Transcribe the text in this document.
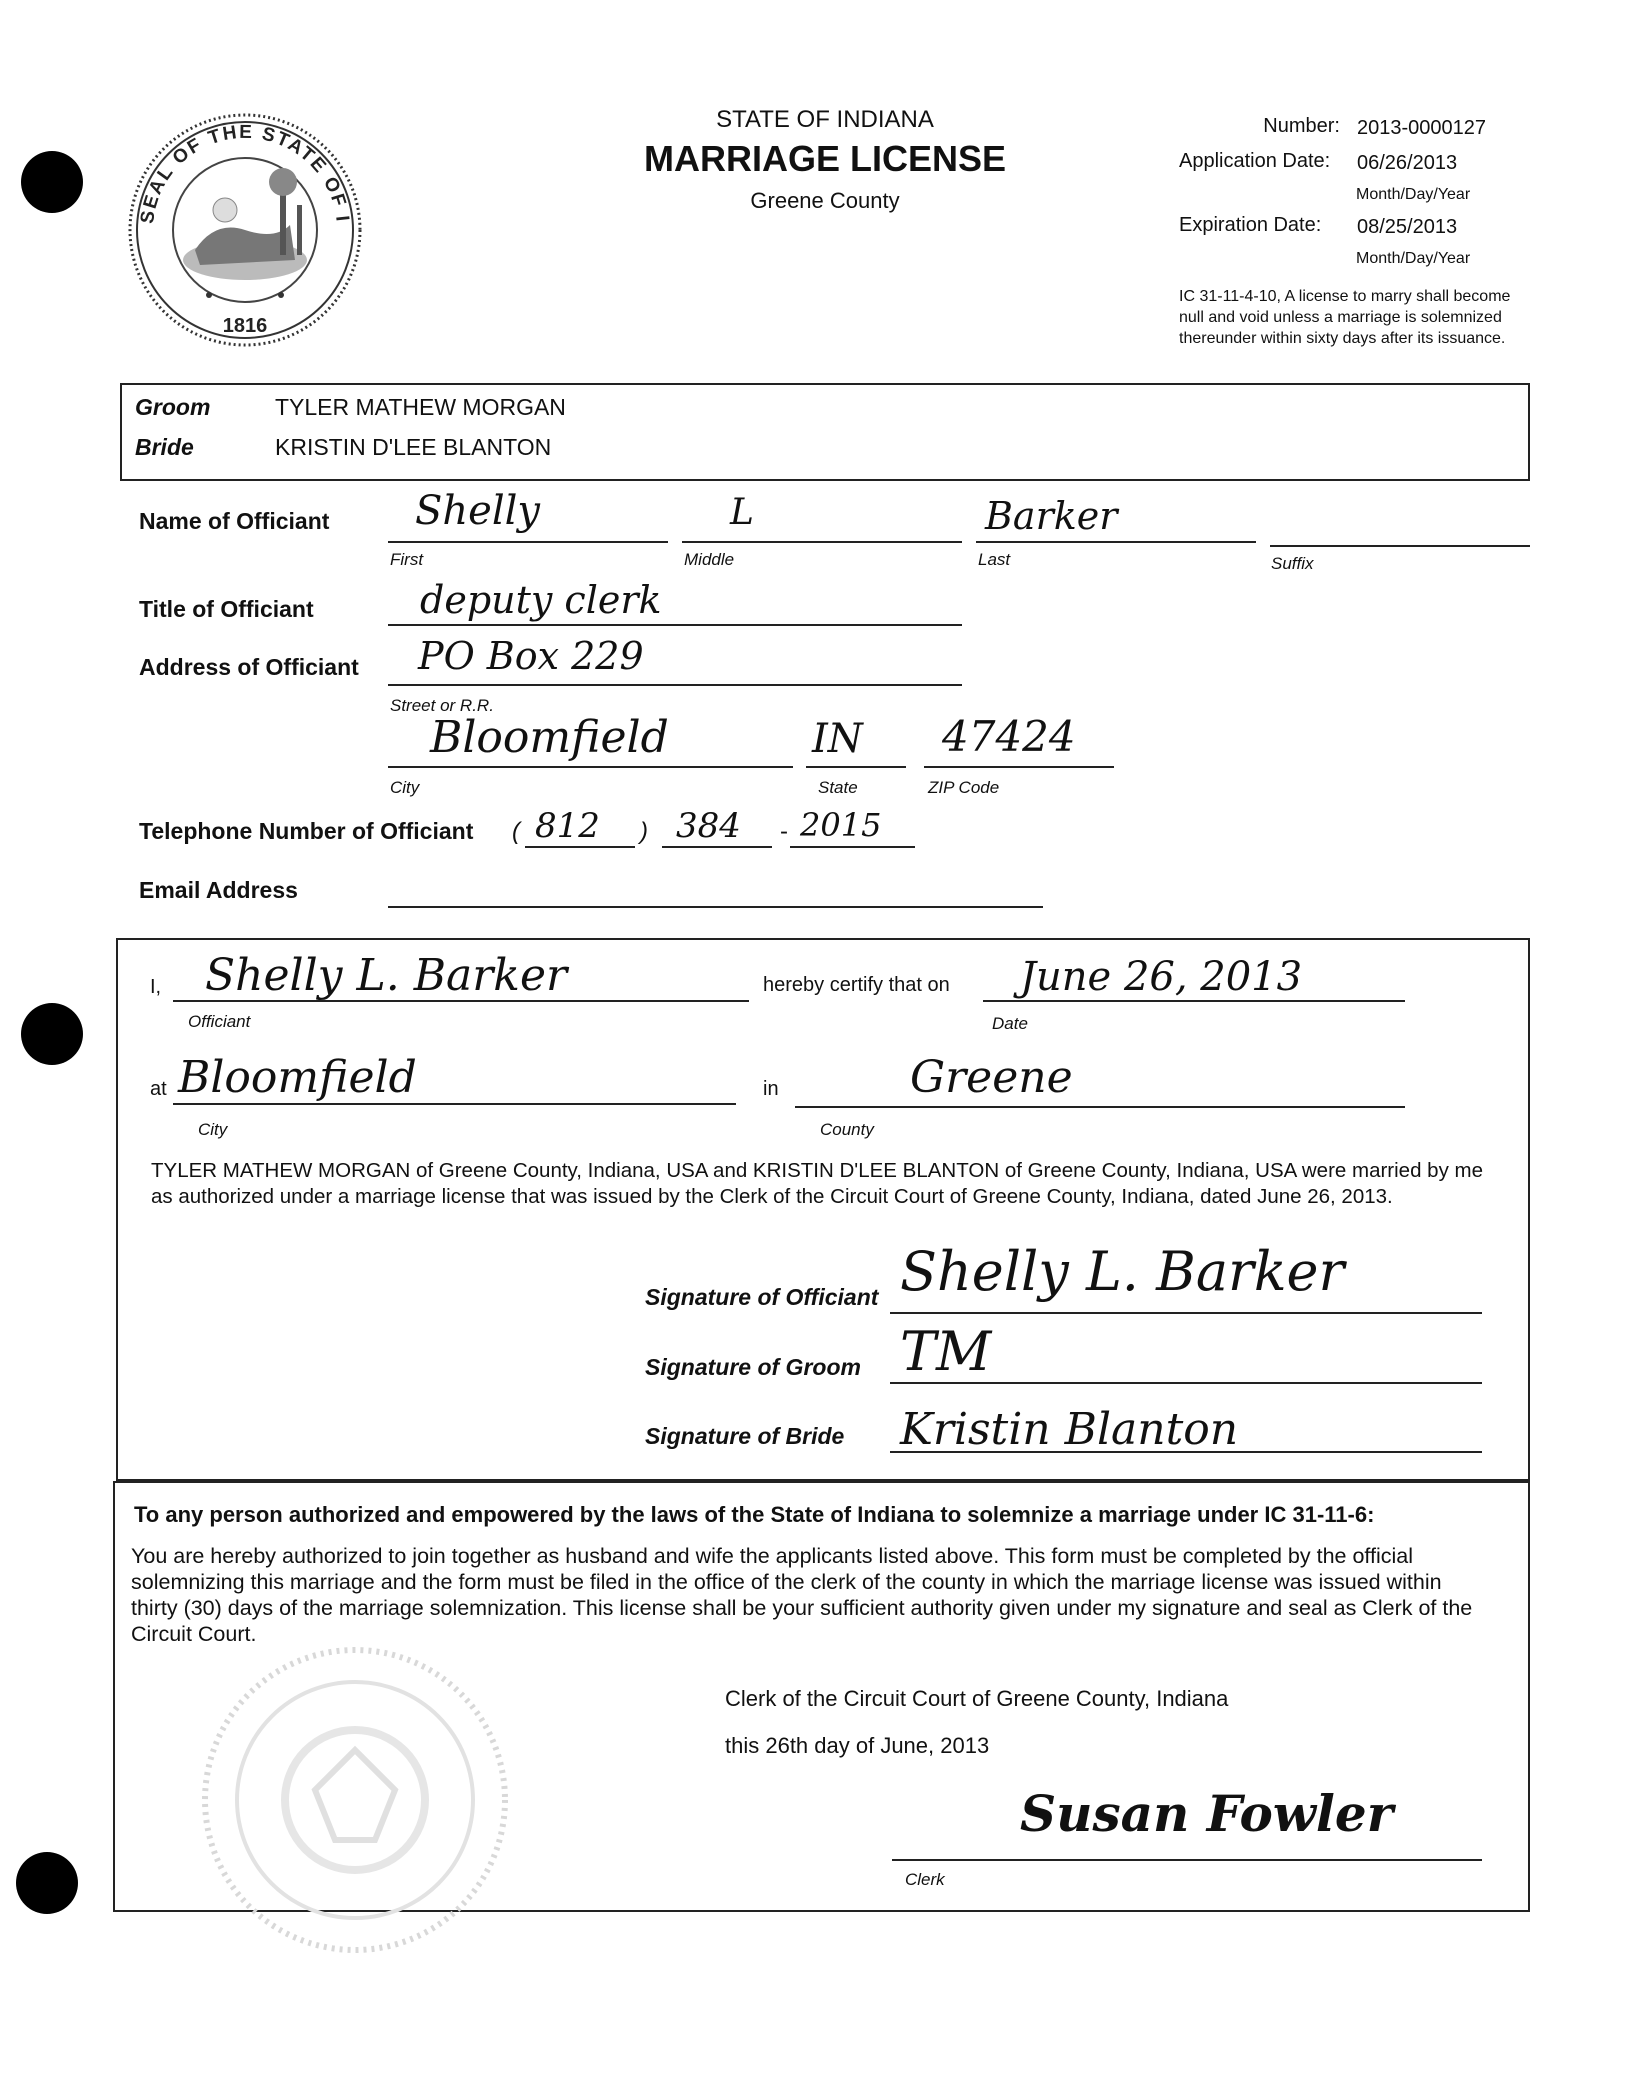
SEAL OF THE STATE OF I
1816
STATE OF INDIANA
MARRIAGE LICENSE
Greene County
Number: 2013-0000127
Application Date: 06/26/2013
Month/Day/Year
Expiration Date: 08/25/2013
Month/Day/Year
IC 31-11-4-10, A license to marry shall become null and void unless a marriage is solemnized thereunder within sixty days after its issuance.
Groom	TYLER MATHEW MORGAN
Bride	KRISTIN D'LEE BLANTON
Name of Officiant Shelly
First
L
Middle
Barker
Last	Suffix
Title of Officiant	deputy clerk
Address of Officiant PO Box 229
Street or R.R.
Bloomfield
City
IN
State
47424
ZIP Code
Telephone Number of Officiant ( 812 ) 384 - 2015
Email Address
I, Shelly L. Barker
Officiant
hereby certify that on June 26, 2013
Date
at Bloomfield
City
in	Greene
County
TYLER MATHEW MORGAN of Greene County, Indiana, USA and KRISTIN D'LEE BLANTON of Greene County, Indiana, USA were married by me as authorized under a marriage license that was issued by the Clerk of the Circuit Court of Greene County, Indiana, dated June 26, 2013.
Signature of Officiant Shelly L. Barker
Signature of Groom TM
Signature of Bride Kristin Blanton
To any person authorized and empowered by the laws of the State of Indiana to solemnize a marriage under IC 31-11-6:
You are hereby authorized to join together as husband and wife the applicants listed above. This form must be completed by the official solemnizing this marriage and the form must be filed in the office of the clerk of the county in which the marriage license was issued within thirty (30) days of the marriage solemnization. This license shall be your sufficient authority given under my signature and seal as Clerk of the Circuit Court.
Clerk of the Circuit Court of Greene County, Indiana
this 26th day of June, 2013
Susan Fowler
Clerk
